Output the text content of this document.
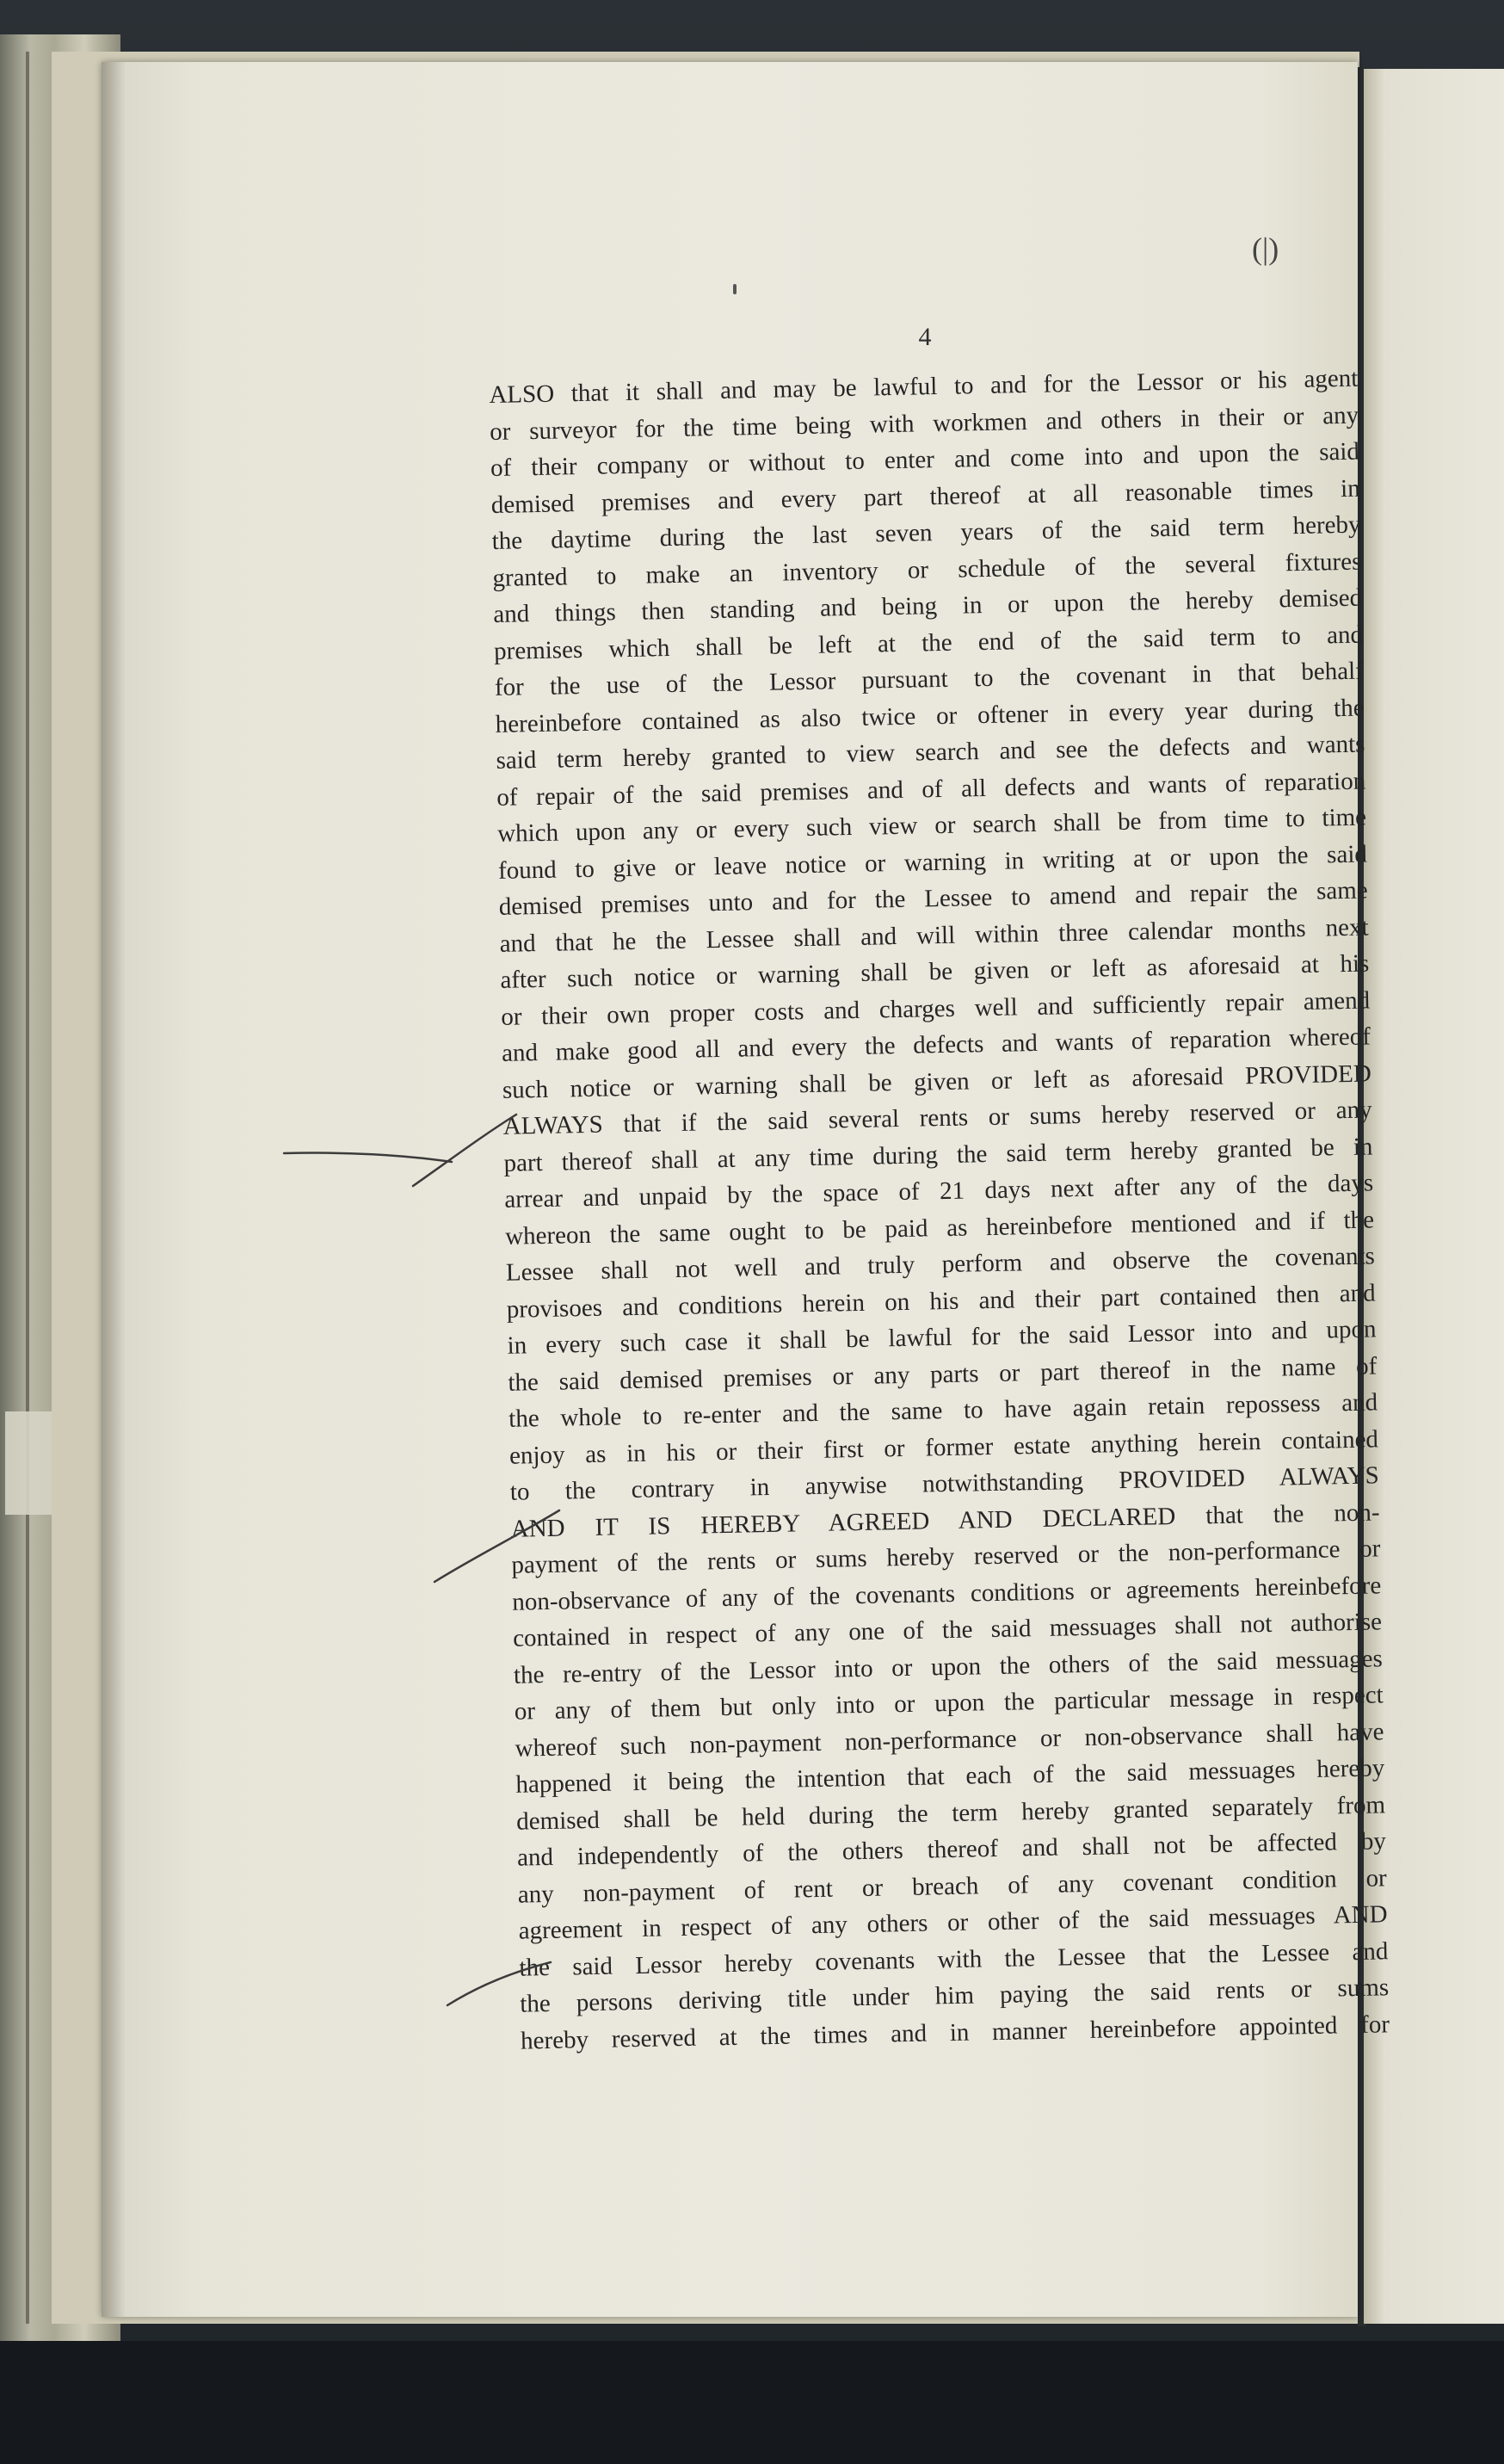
(|)
4
ALSO that it shall and may be lawful to and for the Lessor or his agent
or surveyor for the time being with workmen and others in their or any
of their company or without to enter and come into and upon the said
demised premises and every part thereof at all reasonable times in
the daytime during the last seven years of the said term hereby
granted to make an inventory or schedule of the several fixtures
and things then standing and being in or upon the hereby demised
premises which shall be left at the end of the said term to and
for the use of the Lessor pursuant to the covenant in that behalf
hereinbefore contained as also twice or oftener in every year during the
said term hereby granted to view search and see the defects and wants
of repair of the said premises and of all defects and wants of reparation
which upon any or every such view or search shall be from time to time
found to give or leave notice or warning in writing at or upon the said
demised premises unto and for the Lessee to amend and repair the same
and that he the Lessee shall and will within three calendar months next
after such notice or warning shall be given or left as aforesaid at his
or their own proper costs and charges well and sufficiently repair amend
and make good all and every the defects and wants of reparation whereof
such notice or warning shall be given or left as aforesaid PROVIDED
ALWAYS that if the said several rents or sums hereby reserved or any
part thereof shall at any time during the said term hereby granted be in
arrear and unpaid by the space of 21 days next after any of the days
whereon the same ought to be paid as hereinbefore mentioned and if the
Lessee shall not well and truly perform and observe the covenants
provisoes and conditions herein on his and their part contained then and
in every such case it shall be lawful for the said Lessor into and upon
the said demised premises or any parts or part thereof in the name of
the whole to re-enter and the same to have again retain repossess and
enjoy as in his or their first or former estate anything herein contained
to the contrary in anywise notwithstanding PROVIDED ALWAYS
AND IT IS HEREBY AGREED AND DECLARED that the non-
payment of the rents or sums hereby reserved or the non-performance or
non-observance of any of the covenants conditions or agreements hereinbefore
contained in respect of any one of the said messuages shall not authorise
the re-entry of the Lessor into or upon the others of the said messuages
or any of them but only into or upon the particular message in respect
whereof such non-payment non-performance or non-observance shall have
happened it being the intention that each of the said messuages hereby
demised shall be held during the term hereby granted separately from
and independently of the others thereof and shall not be affected by
any non-payment of rent or breach of any covenant condition or
agreement in respect of any others or other of the said messuages AND
the said Lessor hereby covenants with the Lessee that the Lessee and
the persons deriving title under him paying the said rents or sums
hereby reserved at the times and in manner hereinbefore appointed for
